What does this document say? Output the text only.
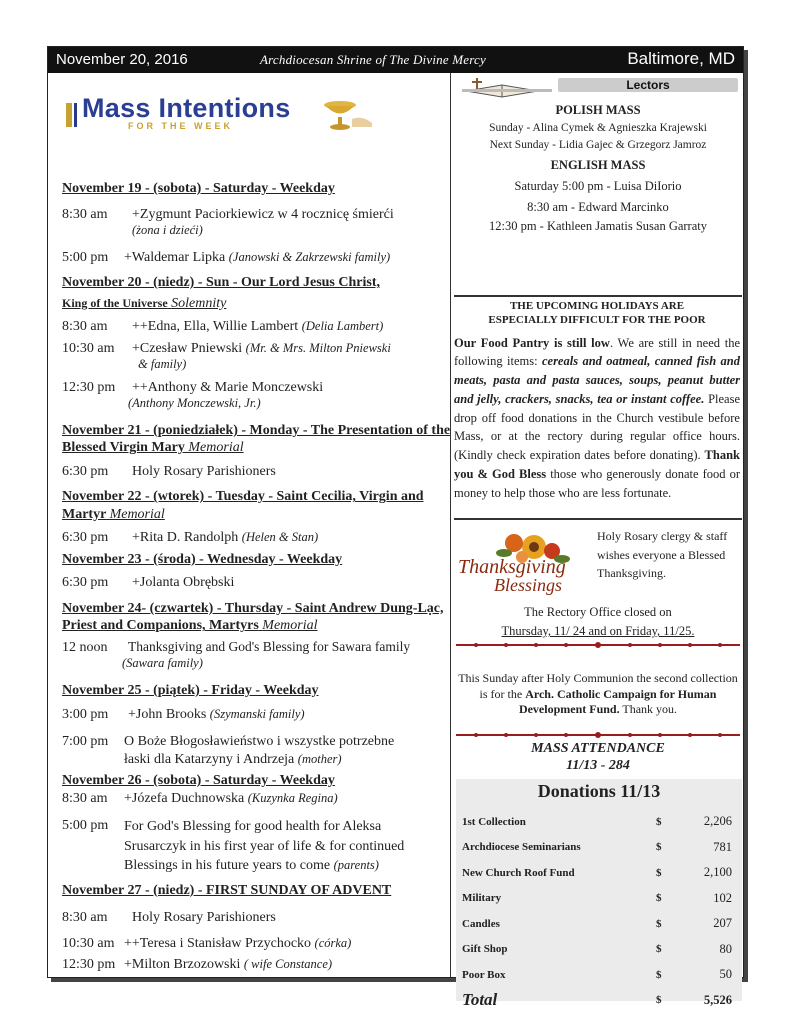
November 20, 2016	Archdiocesan Shrine of The Divine Mercy	Baltimore, MD
Mass Intentions
FOR THE WEEK
November 19 - (sobota) - Saturday - Weekday
8:30 am	+Zygmunt Paciorkiewicz w 4 rocznicę śmierći
(żona i dzieći)
5:00 pm	+Waldemar Lipka (Janowski & Zakrzewski family)
November 20 - (niedz) - Sun - Our Lord Jesus Christ,
King of the Universe Solemnity
8:30 am	++Edna, Ella, Willie Lambert (Delia Lambert)
10:30 am	+Czesław Pniewski (Mr. & Mrs. Milton Pniewski
& family)
12:30 pm	++Anthony & Marie Monczewski
(Anthony Monczewski, Jr.)
November 21 - (poniedziałek) - Monday - The Presentation of the Blessed Virgin Mary Memorial
6:30 pm	Holy Rosary Parishioners
November 22 - (wtorek) - Tuesday - Saint Cecilia, Virgin and Martyr Memorial
6:30 pm	+Rita D. Randolph (Helen & Stan)
November 23 - (środa) - Wednesday - Weekday
6:30 pm	+Jolanta Obrębski
November 24- (czwartek) - Thursday - Saint Andrew Dung-Lạc, Priest and Companions, Martyrs Memorial
12 noon	Thanksgiving and God's Blessing for Sawara family
(Sawara family)
November 25 - (piątek) - Friday - Weekday
3:00 pm	+John Brooks (Szymanski family)
7:00 pm	O Boże Błogosławieństwo i wszystke potrzebne łaski dla Katarzyny i Andrzeja (mother)
November 26 - (sobota) - Saturday - Weekday
8:30 am	+Józefa Duchnowska (Kuzynka Regina)
5:00 pm	For God's Blessing for good health for Aleksa Srusarczyk in his first year of life & for continued Blessings in his future years to come (parents)
November 27 - (niedz) - FIRST SUNDAY OF ADVENT
8:30 am	Holy Rosary Parishioners
10:30 am ++Teresa i Stanisław Przychocko (córka)
12:30 pm +Milton Brzozowski ( wife Constance)
Lectors
POLISH MASS
Sunday - Alina Cymek & Agnieszka Krajewski
Next Sunday - Lidia Gajec & Grzegorz Jamroz
ENGLISH MASS
Saturday 5:00 pm - Luisa DiIorio
8:30 am - Edward Marcinko
12:30 pm - Kathleen Jamatis Susan Garraty
THE UPCOMING HOLIDAYS ARE
ESPECIALLY DIFFICULT FOR THE POOR
Our Food Pantry is still low. We are still in need the following items: cereals and oatmeal, canned fish and meats, pasta and pasta sauces, soups, peanut butter and jelly, crackers, snacks, tea or instant coffee. Please drop off food donations in the Church vestibule before Mass, or at the rectory during regular office hours. (Kindly check expiration dates before donating). Thank you & God Bless those who generously donate food or money to help those who are less fortunate.
Thanksgiving
Blessings
Holy Rosary clergy & staff wishes everyone a Blessed Thanksgiving.
The Rectory Office closed on
Thursday, 11/ 24 and on Friday, 11/25.
This Sunday after Holy Communion the second collection is for the Arch. Catholic Campaign for Human Development Fund. Thank you.
MASS ATTENDANCE
11/13 - 284
Donations 11/13
1st Collection	$	2,206
Archdiocese Seminarians	$	781
New Church Roof Fund	$	2,100
Military	$	102
Candles	$	207
Gift Shop	$	80
Poor Box	$	50
Total	$	5,526
